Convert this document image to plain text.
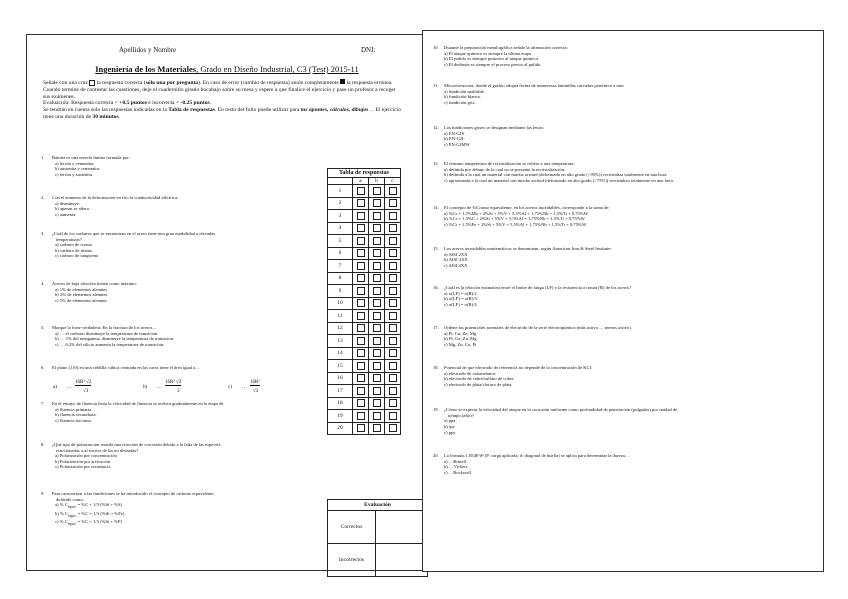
Apellidos y Nombre	DNI:
Ingeniería de los Materiales, Grado en Diseño Industrial, C3 (Test) 2015-11
Señale con una cruz  la respuesta correcta (sólo una por pregunta). En caso de error (cambio de respuesta) anule completamente  la respuesta errónea. Cuando termine de contestar las cuestiones, deje el cuadernillo girado bocabajo sobre su mesa y espere a que finalice el ejercicio y pase un profesor a recoger sus exámenes.
Evaluación: Respuesta correcta = +0.5 puntos e incorrecta = -0.25 puntos.
Se tendrán en cuenta solo las respuestas indicadas en la Tabla de respuestas. En resto del folio puede utilizar para tus apuntes, cálculos, dibujos… El ejercicio tiene una duración de 30 minutos.
1. Bainita es una mezcla íntima formada por:
a) ferrita y cementita.
b) austenita y cementita.
c) ferrita y austenita.
2. Con el aumento de la deformación en frío la conductividad eléctrica:
a) disminuye.
b) apenas se altera.
c) aumenta.
3. ¿Cuál de los carburos que se encuentran en el acero tiene una gran estabilidad a elevadas
temperaturas?
a) carburo de cromo
b) carburo de titanio
c) carburo de tungsteno
4. Aceros de baja aleación tienen como máximo:
a) 1% de elementos aleantes
b) 2% de elementos aleantes
c) 5% de elementos aleantes
5. Marque la frase verdadera: En la fractura de los aceros…
a) … el carbono disminuye la temperatura de transición.
b) … 1% del manganeso disminuye la temperatura de transición.
c) … 0,2% del silicio aumenta la temperatura de transición.
6. El plano (110) en una celdilla cúbica centrada en las caras tiene el área igual a…
7. En el ensayo de fluencia lenta la velocidad de fluencia se acelera gradualmente en la etapa de
a) fluencia primaria.
b) fluencia secundaria.
c) fluencia terciaria.
8. ¿Qué tipo de polarización retarda una reacción de corrosión debido a la falta de las especies
reaccionadas o al exceso de las no deseadas?
a) Polarización por concentración
b) Polarización por activación
c) Polarización por resistencia
9. Para caracterizar a las fundiciones se ha introducido el concepto de carbono equivalente,
definido como:
a) % $C_{equiv.} = \%C + 1/3$ (%Si + %S)
b) % $C_{equiv.} = \%C + 1/3$ (%Si + %Fe)
c) % $C_{equiv.} = \%C + 1/3$ (%Si + %P)
a) …
16R² √2
√3
b) …
16R² √2
3
c) …
16R²
√3
Tabla de respuestas			
	a	b	c
1			
2			
3			
4			
5			
6			
7			
8			
9			
10			
11			
12			
13			
14			
15			
16			
17			
18			
19			
20			
Evaluación	
Correctos	
Incorrectos	
10. Durante la preparación metalográfica señale la afirmación correcta:
a) El ataque químico es siempre la última etapa.
b) El pulido es siempre posterior al ataque químico.
c) El desbaste es siempre el proceso previo al pulido.
11. Microestructura, donde el grafito adopta forma de numerosas laminillas curvadas pertenece a una:
a) fundición maleable.
b) fundición blanca.
c) fundición gris.
12. Las fundiciones grises se designan mediante las letras:
a) EN-GJS
b) EN-GJL
c) EN-GJMW
13. El término temperatura de recristalización se refiere a una temperatura:
a) definida por debajo de la cual no se presenta la recristalización.
b) definida a la cual un material con mucha acritud (deformado en alto grado (>95%)) recristaliza totalmente en una hora.
c) aproximada a la cual un material con mucha acritud (deformado en alto grado (>75%)) recristaliza totalmente en una hora.
14. El concepto de %Cromo equivalente, en los aceros inoxidables, corresponde a la suma de:
a) %Cr + 1,5%Mo + 2%Si + 5%V + 5,5%Al + 1,75%Nb + 1,5%Ti + 0,75%W.
b) %Cr + 1,5%C + 2%Si + 5%V + 5,5%Al + 1,75%Nb + 1,5%Ti + 0,75%W.
c) %Cr + 1,5%Fe + 2%Si + 5%V + 5,5%Al + 1,75%Nb + 1,5%Ti + 0,75%W.
15. Los aceros inoxidables martensíticos se denominan, según American Iron & Steel Institute:
a) AISI 2XX
b) AISI 3XX
c) AISI 4XX
16. ¿Cuál es la relación estimativa entre el límite de fatiga (LF) y la resistencia a rotura (R) de los aceros?
a) σ(LF) = σ(R)/2
b) σ(LF) = σ(R)/3
c) σ(LF) = σ(R)/4
17. Ordene las potenciales normales de electrodo de la serie electroquímica (más activo…, menos activo).
a) Pt, Cu, Zn, Mg
b) Pt, Cu, Zn, Mg
c) Mg, Zn, Cu, Pt
18. Potencial de que electrodo de referencia no depende de la concentración de KCl:
a) electrodo de calomelanos
b) electrodo de cobre/sulfato de cobre
c) electrodo de plata/cloruro de plata
19. ¿Cómo se expresa la velocidad del ataque en la corrosión uniforme como profundidad de penetración (pulgadas) por unidad de
tiempo (año)?
a) ppa
b) ipy
c) ppy
20. La fórmula 1.854P/d² (P: carga aplicada, d: diagonal de huella) se aplica para determinar la dureza…
a) …Brinell
b) …Vickers
c) …Rockwell
